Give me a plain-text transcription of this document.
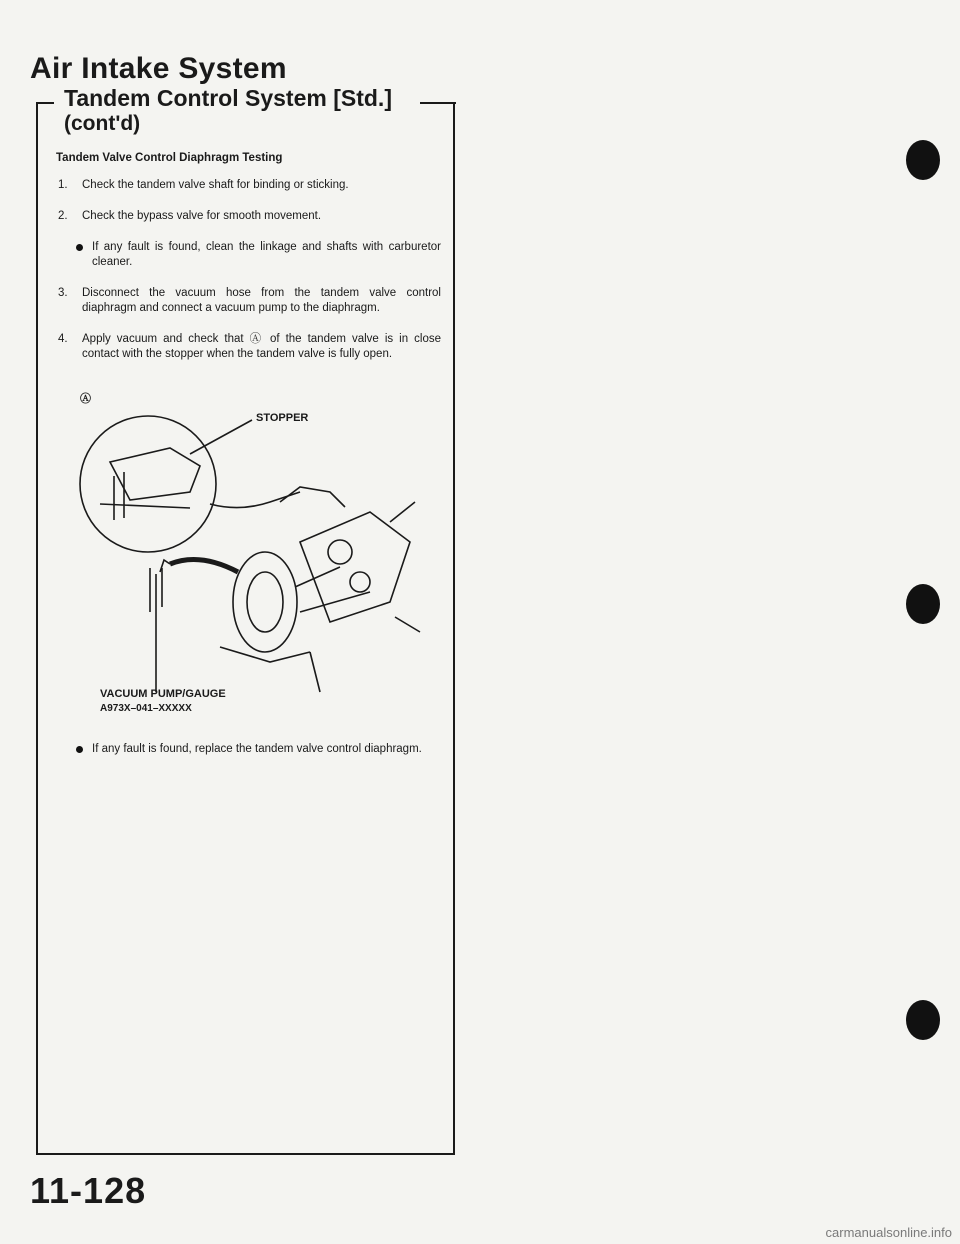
Air Intake System
Tandem Control System [Std.]
(cont'd)

Tandem Valve Control Diaphragm Testing

1. Check the tandem valve shaft for binding or sticking.
2. Check the bypass valve for smooth movement.
If any fault is found, clean the linkage and shafts with carburetor cleaner.
3. Disconnect the vacuum hose from the tandem valve control diaphragm and connect a vacuum pump to the diaphragm.
4. Apply vacuum and check that Ⓐ of the tandem valve is in close contact with the stopper when the tandem valve is fully open.
Ⓐ
STOPPER
VACUUM PUMP/GAUGE
A973X–041–XXXXX
If any fault is found, replace the tandem valve control diaphragm.
11-128
carmanualsonline.info
